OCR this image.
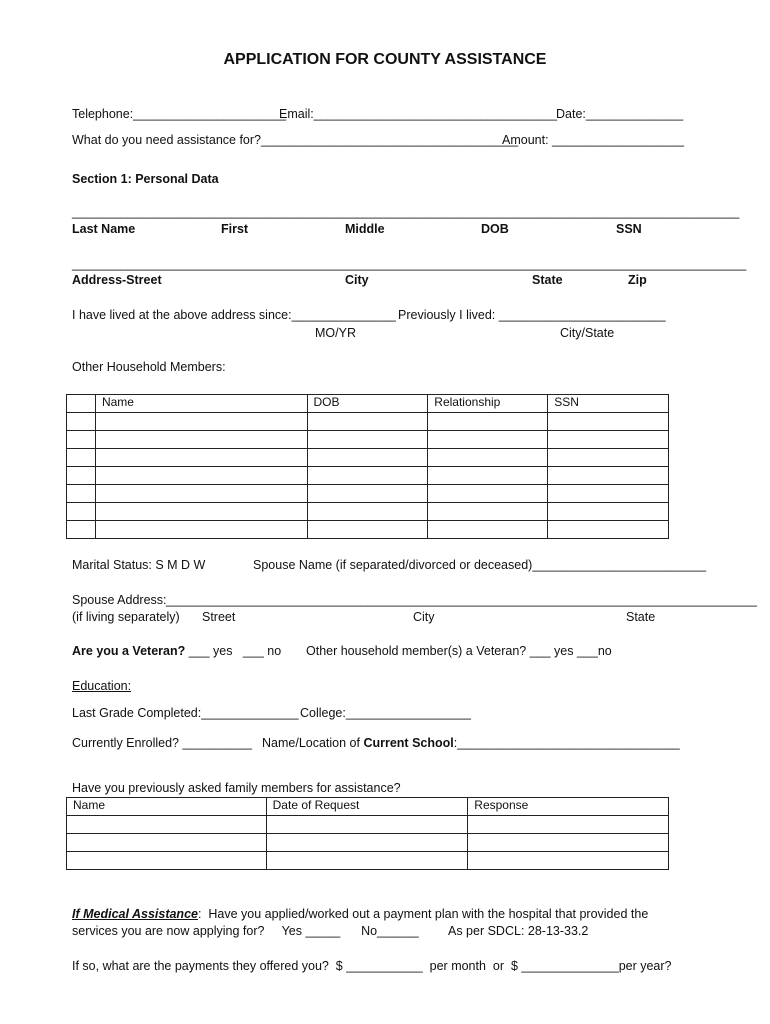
APPLICATION FOR COUNTY ASSISTANCE
Telephone:______________________
Email:___________________________________
Date:______________
What do you need assistance for?_____________________________________
Amount: ___________________
Section 1: Personal Data
________________________________________________________________________________________________
Last Name	First	Middle	DOB	SSN
_________________________________________________________________________________________________
Address-Street	City	State	Zip
I have lived at the above address since:_______________ Previously I lived: ________________________
MO/YR	City/State
Other Household Members:
	Name	DOB	Relationship	SSN

Marital Status: S M D W	Spouse Name (if separated/divorced or deceased)_________________________
Spouse Address: _____________________________________________________________________________________
(if living separately) Street	City	State
Are you a Veteran? ___ yes   ___ no Other household member(s) a Veteran? ___ yes ___no
Education:
Last Grade Completed:______________ College:__________________
Currently Enrolled? __________ Name/Location of Current School:________________________________
Have you previously asked family members for assistance?
Name	Date of Request	Response

If Medical Assistance:  Have you applied/worked out a payment plan with the hospital that provided the
services you are now applying for?     Yes _____      No______ As per SDCL: 28-13-33.2
If so, what are the payments they offered you?  $ ___________  per month  or  $ ______________per year?
